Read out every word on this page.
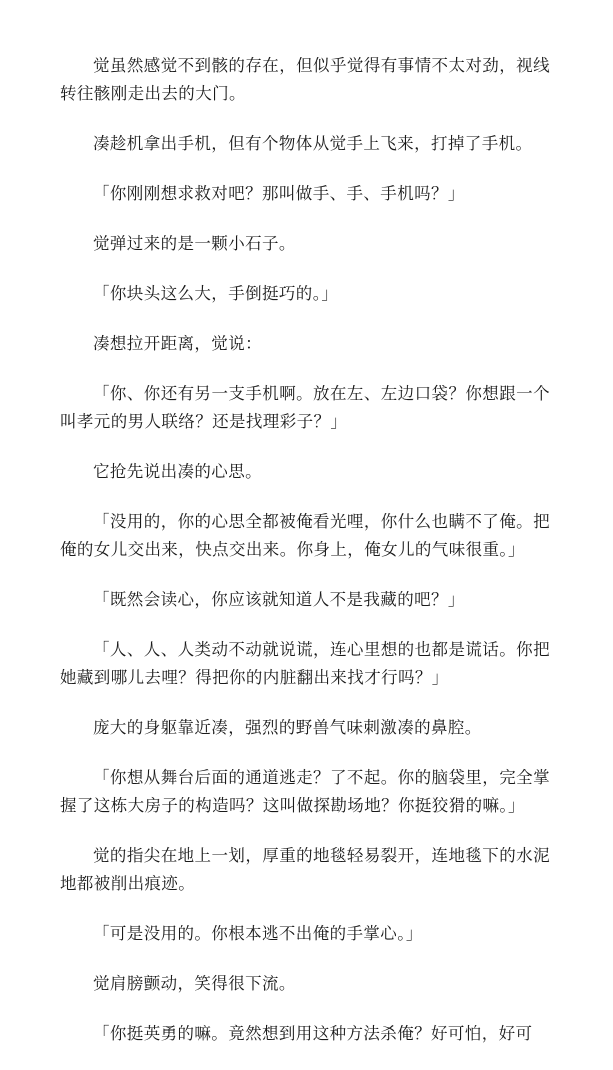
觉虽然感觉不到骸的存在，但似乎觉得有事情不太对劲，视线转往骸刚走出去的大门。

凑趁机拿出手机，但有个物体从觉手上飞来，打掉了手机。

「你刚刚想求救对吧？那叫做手、手、手机吗？」

觉弹过来的是一颗小石子。

「你块头这么大，手倒挺巧的。」

凑想拉开距离，觉说：

「你、你还有另一支手机啊。放在左、左边口袋？你想跟一个叫孝元的男人联络？还是找理彩子？」

它抢先说出凑的心思。

「没用的，你的心思全都被俺看光哩，你什么也瞒不了俺。把俺的女儿交出来，快点交出来。你身上，俺女儿的气味很重。」

「既然会读心，你应该就知道人不是我藏的吧？」

「人、人、人类动不动就说谎，连心里想的也都是谎话。你把她藏到哪儿去哩？得把你的内脏翻出来找才行吗？」

庞大的身躯靠近凑，强烈的野兽气味刺激凑的鼻腔。

「你想从舞台后面的通道逃走？了不起。你的脑袋里，完全掌握了这栋大房子的构造吗？这叫做探勘场地？你挺狡猾的嘛。」

觉的指尖在地上一划，厚重的地毯轻易裂开，连地毯下的水泥地都被削出痕迹。

「可是没用的。你根本逃不出俺的手掌心。」

觉肩膀颤动，笑得很下流。

「你挺英勇的嘛。竟然想到用这种方法杀俺？好可怕，好可
